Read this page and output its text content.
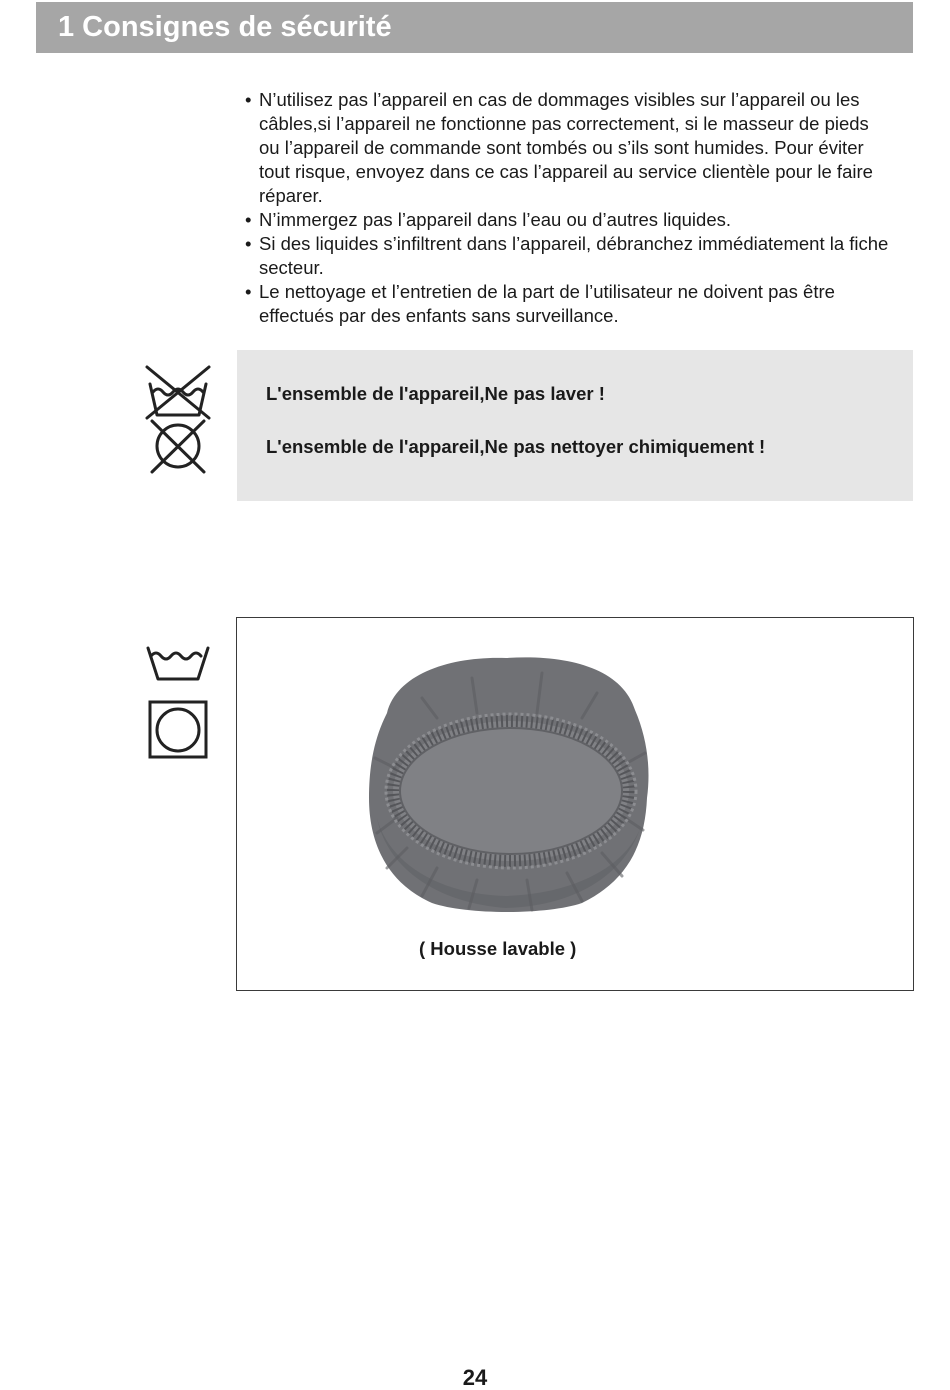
1 Consignes de sécurité
• N’utilisez pas l’appareil en cas de dommages visibles sur l’appareil ou les
câbles,si l’appareil ne fonctionne pas correctement, si le masseur de pieds
ou l’appareil de commande sont tombés ou s’ils sont humides. Pour éviter
tout risque, envoyez dans ce cas l’appareil au service clientèle pour le faire
réparer.
• N’immergez pas l’appareil dans l’eau ou d’autres liquides.
• Si des liquides s’infiltrent dans l’appareil, débranchez immédiatement la fiche
secteur.
• Le nettoyage et l’entretien de la part de l’utilisateur ne doivent pas être
effectués par des enfants sans surveillance.
L'ensemble de l'appareil,Ne pas laver !
L'ensemble de l'appareil,Ne pas nettoyer chimiquement !
( Housse lavable )
24
